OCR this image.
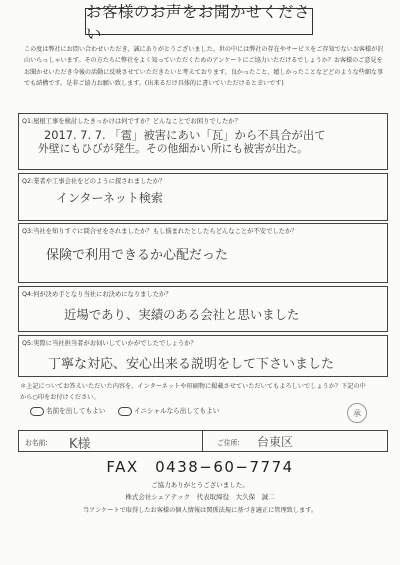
お客様のお声をお聞かせください
この度は弊社にお問い合わせいただき、誠にありがとうございました。世の中には弊社の存在やサービスをご存知でないお客様が沢山いらっしゃいます。その方たちに弊社をよく知っていただくためのアンケートにご協力いただけるでしょうか？お客様のご意見をお聞かせいただき今後の活動に反映させていただきたいと考えております。良かったこと、嬉しかったことなどどのような些細な事でも結構です。是非ご協力お願い致します。(出来るだけ具体的に書いていただけると幸いです)
Q1:屋根工事を検討したきっかけは何ですか？どんなことでお困りでしたか？
2017. 7. 7. 「雹」被害にあい「瓦」から不具合が出て
外壁にもひびが発生。その他細かい所にも被害が出た。
Q2:業者や工事会社をどのように探されましたか？
インターネット検索
Q3:当社を知りすぐに問合せをされましたか？もし悩まれたとしたらどんなことが不安でしたか？
保険で利用できるか心配だった
Q4:何が決め手となり当社にお決めになりましたか？
近場であり、実績のある会社と思いました
Q5:実際に当社担当者がお伺いしていかがでしたでしょうか？
丁寧な対応、安心出来る説明をして下さいました
＊上記についてお答えいただいた内容を、インターネットや印刷物に掲載させていただいてもよろしいでしょうか？下記の中から○印をお付けください。
名前を出してもよい	イニシャルなら出してもよい	承
お名前: K様	ご住所: 台東区
FAX　0438−60−7774
ご協力ありがとうございました。
株式会社シェアテック　代表取締役　大久保　誠二
当アンケートで取得したお客様の個人情報は関係法規に基づき適正に管理致します。
